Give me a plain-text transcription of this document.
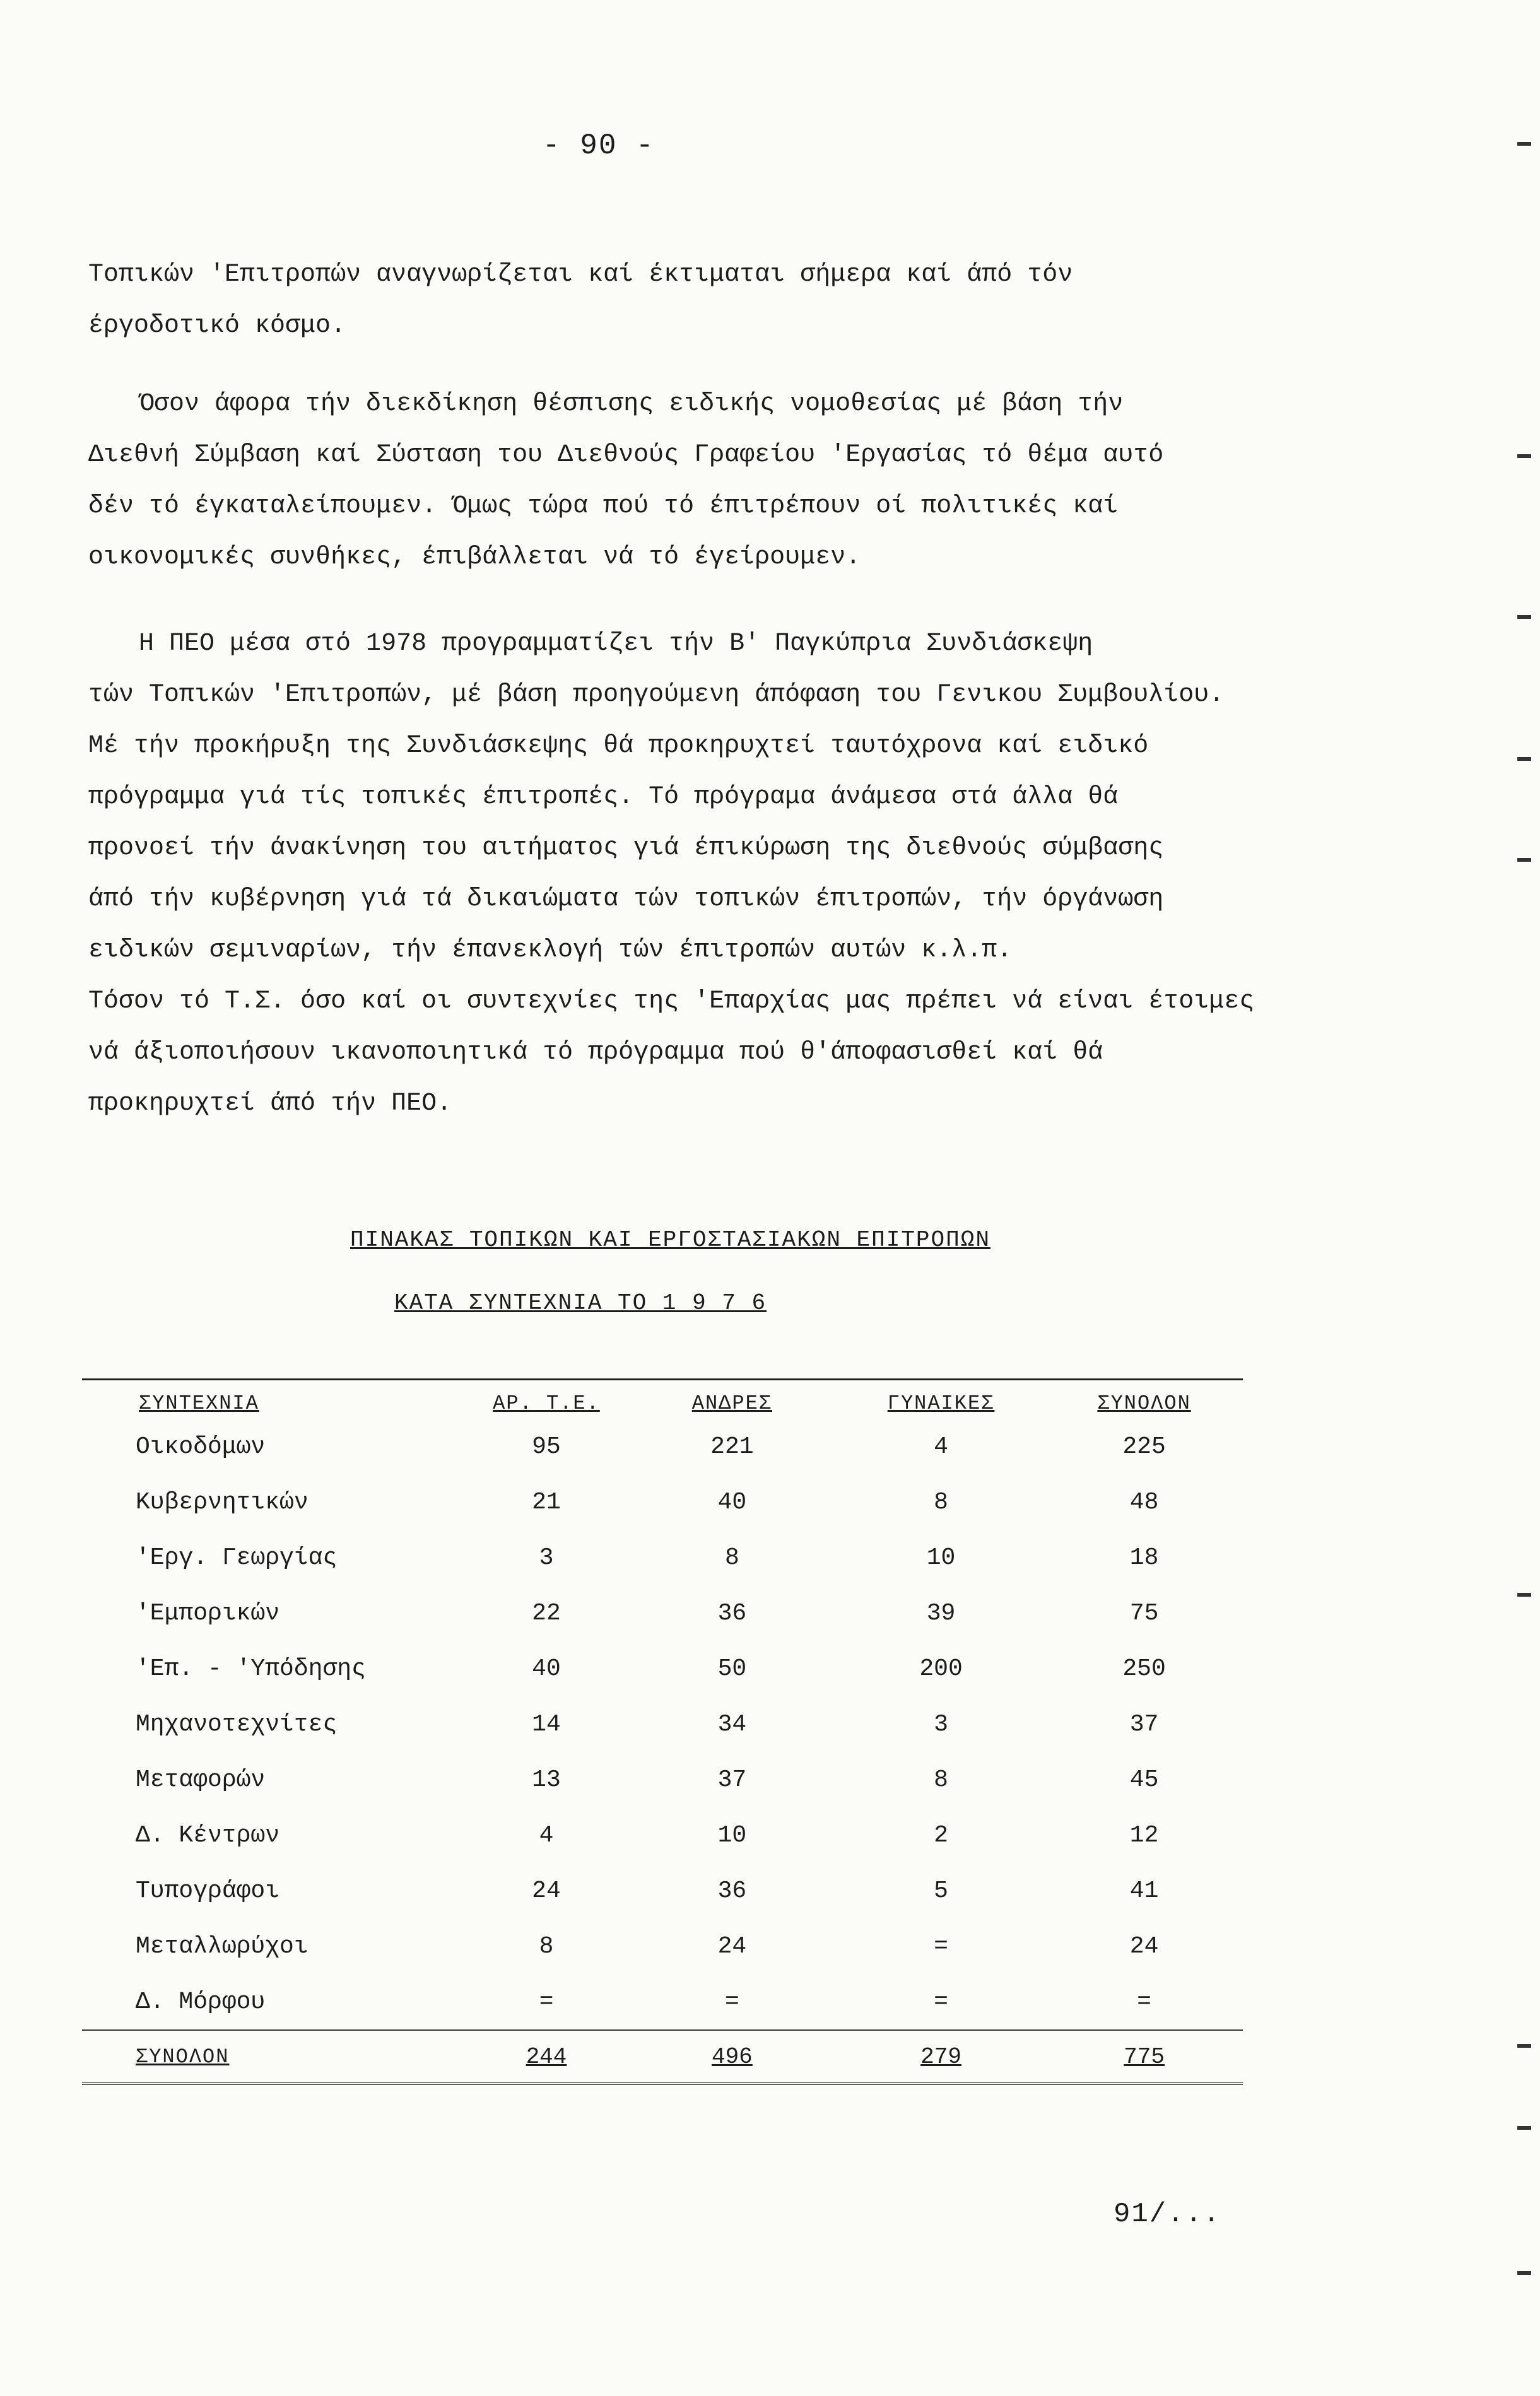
- 90 -
Τοπικών 'Επιτροπών αναγνωρίζεται καί έκτιμαται σήμερα καί άπό τόν
έργοδοτικό κόσμο.
Όσον άφορα τήν διεκδίκηση θέσπισης ειδικής νομοθεσίας μέ βάση τήν
Διεθνή Σύμβαση καί Σύσταση του Διεθνούς Γραφείου 'Εργασίας τό θέμα αυτό
δέν τό έγκαταλείπουμεν. Όμως τώρα πού τό έπιτρέπουν οί πολιτικές καί
οικονομικές συνθήκες, έπιβάλλεται νά τό έγείρουμεν.
Η ΠΕΟ μέσα στό 1978 προγραμματίζει τήν Β' Παγκύπρια Συνδιάσκεψη
τών Τοπικών 'Επιτροπών, μέ βάση προηγούμενη άπόφαση του Γενικου Συμβουλίου.
Μέ τήν προκήρυξη της Συνδιάσκεψης θά προκηρυχτεί ταυτόχρονα καί ειδικό
πρόγραμμα γιά τίς τοπικές έπιτροπές. Τό πρόγραμα άνάμεσα στά άλλα θά
προνοεί τήν άνακίνηση του αιτήματος γιά έπικύρωση της διεθνούς σύμβασης
άπό τήν κυβέρνηση γιά τά δικαιώματα τών τοπικών έπιτροπών, τήν όργάνωση
ειδικών σεμιναρίων, τήν έπανεκλογή τών έπιτροπών αυτών κ.λ.π.
Τόσον τό Τ.Σ. όσο καί οι συντεχνίες της 'Επαρχίας μας πρέπει νά είναι έτοιμες
νά άξιοποιήσουν ικανοποιητικά τό πρόγραμμα πού θ'άποφασισθεί καί θά
προκηρυχτεί άπό τήν ΠΕΟ.
ΠΙΝΑΚΑΣ ΤΟΠΙΚΩΝ ΚΑΙ ΕΡΓΟΣΤΑΣΙΑΚΩΝ ΕΠΙΤΡΟΠΩΝ
ΚΑΤΑ ΣΥΝΤΕΧΝΙΑ ΤΟ 1 9 7 6
ΣΥΝΤΕΧΝΙΑ	ΑΡ. Τ.Ε.	ΑΝΔΡΕΣ	ΓΥΝΑΙΚΕΣ	ΣΥΝΟΛΟΝ
Οικοδόμων	95	221	4	225
Κυβερνητικών	21	40	8	48
'Εργ. Γεωργίας	3	8	10	18
'Εμπορικών	22	36	39	75
'Επ. - 'Υπόδησης	40	50	200	250
Μηχανοτεχνίτες	14	34	3	37
Μεταφορών	13	37	8	45
Δ. Κέντρων	4	10	2	12
Τυπογράφοι	24	36	5	41
Μεταλλωρύχοι	8	24	=	24
Δ. Μόρφου	=	=	=	=
ΣΥΝΟΛΟΝ	244	496	279	775
91/...
